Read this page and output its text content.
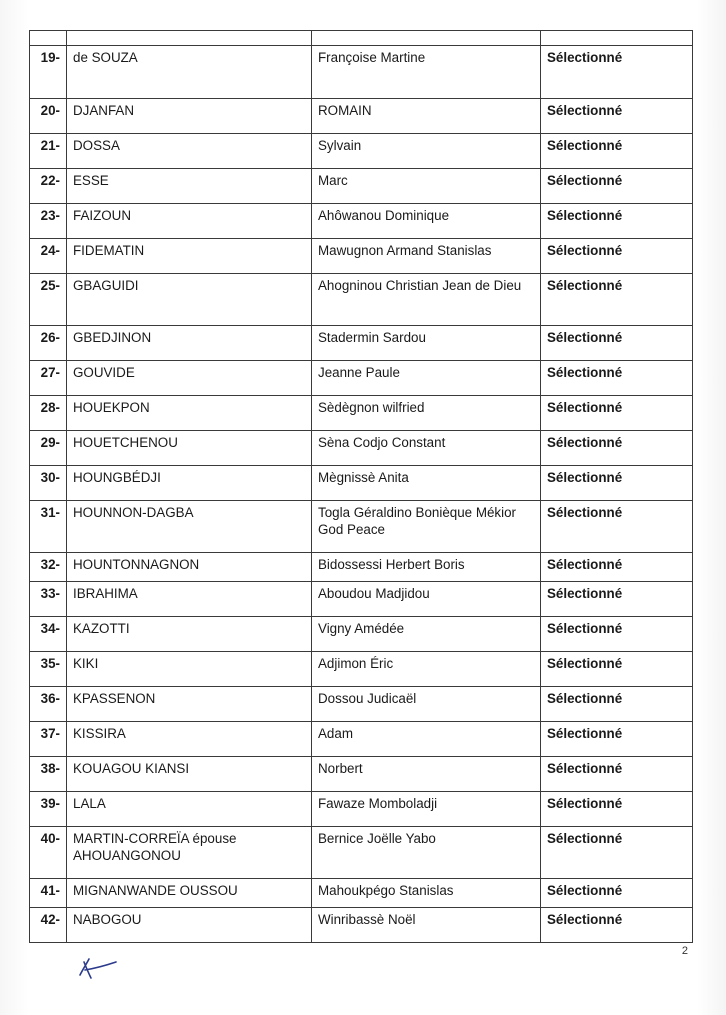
19-	de SOUZA	Françoise Martine	Sélectionné
20-	DJANFAN	ROMAIN	Sélectionné
21-	DOSSA	Sylvain	Sélectionné
22-	ESSE	Marc	Sélectionné
23-	FAIZOUN	Ahôwanou Dominique	Sélectionné
24-	FIDEMATIN	Mawugnon Armand Stanislas	Sélectionné
25-	GBAGUIDI	Ahogninou Christian Jean de Dieu	Sélectionné
26-	GBEDJINON	Stadermin Sardou	Sélectionné
27-	GOUVIDE	Jeanne Paule	Sélectionné
28-	HOUEKPON	Sèdègnon wilfried	Sélectionné
29-	HOUETCHENOU	Sèna Codjo Constant	Sélectionné
30-	HOUNGBÉDJI	Mègnissè Anita	Sélectionné
31-	HOUNNON-DAGBA	Togla Géraldino Bonièque Mékior God Peace	Sélectionné
32-	HOUNTONNAGNON	Bidossessi Herbert Boris	Sélectionné
33-	IBRAHIMA	Aboudou Madjidou	Sélectionné
34-	KAZOTTI	Vigny Amédée	Sélectionné
35-	KIKI	Adjimon Éric	Sélectionné
36-	KPASSENON	Dossou Judicaël	Sélectionné
37-	KISSIRA	Adam	Sélectionné
38-	KOUAGOU KIANSI	Norbert	Sélectionné
39-	LALA	Fawaze Momboladji	Sélectionné
40-	MARTIN-CORREÏA épouse AHOUANGONOU	Bernice Joëlle Yabo	Sélectionné
41-	MIGNANWANDE OUSSOU	Mahoukpégo Stanislas	Sélectionné
42-	NABOGOU	Winribassè Noël	Sélectionné
2
